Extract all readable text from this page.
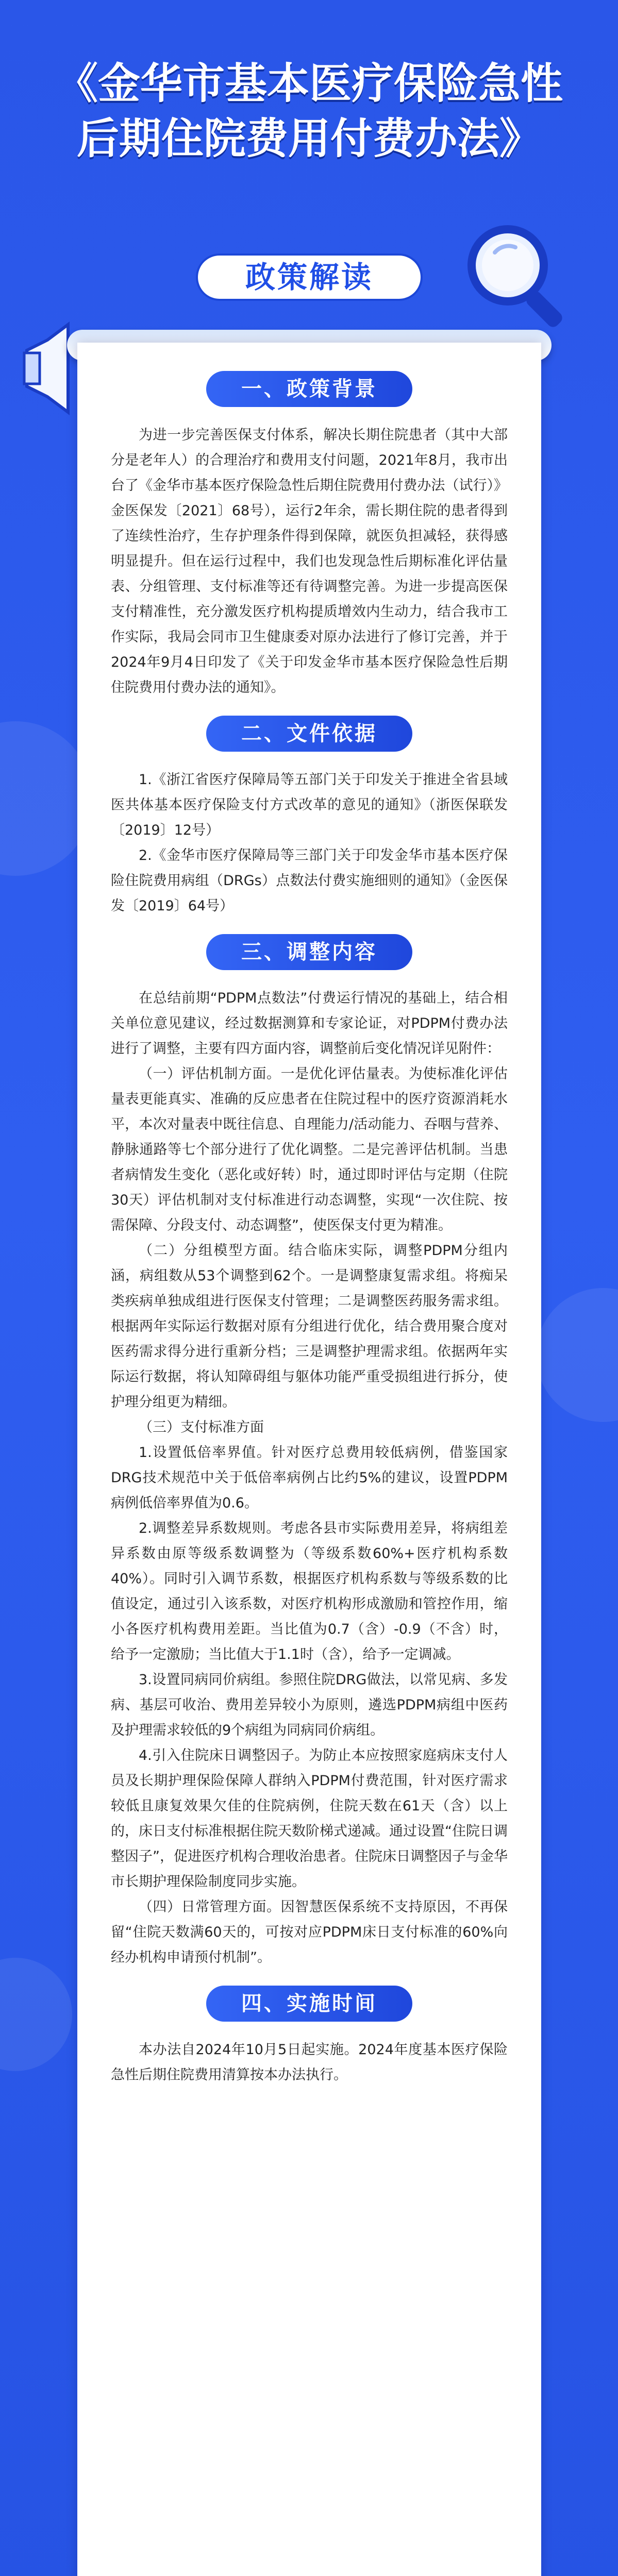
《金华市基本医疗保险急性后期住院费用付费办法》
政策解读
一、政策背景

为进一步完善医保支付体系，解决长期住院患者（其中大部分是老年人）的合理治疗和费用支付问题，2021年8月，我市出台了《金华市基本医疗保险急性后期住院费用付费办法（试行）》金医保发〔2021〕68号），运行2年余，需长期住院的患者得到了连续性治疗，生存护理条件得到保障，就医负担减轻，获得感明显提升。但在运行过程中，我们也发现急性后期标准化评估量表、分组管理、支付标准等还有待调整完善。为进一步提高医保支付精准性，充分激发医疗机构提质增效内生动力，结合我市工作实际，我局会同市卫生健康委对原办法进行了修订完善，并于2024年9月4日印发了《关于印发金华市基本医疗保险急性后期住院费用付费办法的通知》。

二、文件依据

1.《浙江省医疗保障局等五部门关于印发关于推进全省县域医共体基本医疗保险支付方式改革的意见的通知》（浙医保联发〔2019〕12号）

2.《金华市医疗保障局等三部门关于印发金华市基本医疗保险住院费用病组（DRGs）点数法付费实施细则的通知》（金医保发〔2019〕64号）

三、调整内容

在总结前期“PDPM点数法”付费运行情况的基础上，结合相关单位意见建议，经过数据测算和专家论证，对PDPM付费办法进行了调整，主要有四方面内容，调整前后变化情况详见附件：

（一）评估机制方面。一是优化评估量表。为使标准化评估量表更能真实、准确的反应患者在住院过程中的医疗资源消耗水平，本次对量表中既往信息、自理能力/活动能力、吞咽与营养、静脉通路等七个部分进行了优化调整。二是完善评估机制。当患者病情发生变化（恶化或好转）时，通过即时评估与定期（住院30天）评估机制对支付标准进行动态调整，实现“一次住院、按需保障、分段支付、动态调整”，使医保支付更为精准。

（二）分组模型方面。结合临床实际，调整PDPM分组内涵，病组数从53个调整到62个。一是调整康复需求组。将痴呆类疾病单独成组进行医保支付管理；二是调整医药服务需求组。根据两年实际运行数据对原有分组进行优化，结合费用聚合度对医药需求得分进行重新分档；三是调整护理需求组。依据两年实际运行数据，将认知障碍组与躯体功能严重受损组进行拆分，使护理分组更为精细。

（三）支付标准方面

1.设置低倍率界值。针对医疗总费用较低病例，借鉴国家DRG技术规范中关于低倍率病例占比约5%的建议，设置PDPM病例低倍率界值为0.6。

2.调整差异系数规则。考虑各县市实际费用差异，将病组差异系数由原等级系数调整为（等级系数60%+医疗机构系数40%）。同时引入调节系数，根据医疗机构系数与等级系数的比值设定，通过引入该系数，对医疗机构形成激励和管控作用，缩小各医疗机构费用差距。当比值为0.7（含）-0.9（不含）时，给予一定激励；当比值大于1.1时（含），给予一定调减。

3.设置同病同价病组。参照住院DRG做法，以常见病、多发病、基层可收治、费用差异较小为原则，遴选PDPM病组中医药及护理需求较低的9个病组为同病同价病组。

4.引入住院床日调整因子。为防止本应按照家庭病床支付人员及长期护理保险保障人群纳入PDPM付费范围，针对医疗需求较低且康复效果欠佳的住院病例，住院天数在61天（含）以上的，床日支付标准根据住院天数阶梯式递减。通过设置“住院日调整因子”，促进医疗机构合理收治患者。住院床日调整因子与金华市长期护理保险制度同步实施。

（四）日常管理方面。因智慧医保系统不支持原因，不再保留“住院天数满60天的，可按对应PDPM床日支付标准的60%向经办机构申请预付机制”。

四、实施时间

本办法自2024年10月5日起实施。2024年度基本医疗保险急性后期住院费用清算按本办法执行。
